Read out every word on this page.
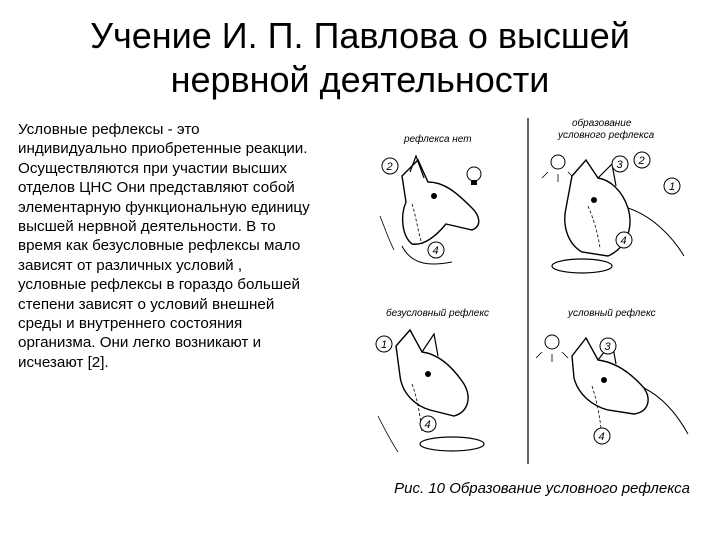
Учение И. П. Павлова о высшей
нервной деятельности
Условные рефлексы - это
индивидуально приобретенные реакции.
Осуществляются при участии высших
отделов ЦНС Они представляют собой
элементарную функциональную единицу
высшей нервной деятельности. В то
время как безусловные рефлексы мало
зависят от различных условий ,
условные рефлексы в гораздо большей
степени зависят о условий внешней
среды и внутреннего состояния
организма. Они легко возникают и
исчезают [2].
рефлекса нет
2
4
образование
условного рефлекса
3 2
1
4
безусловный рефлекс
1
4
условный рефлекс
3
4
Рис. 10 Образование условного рефлекса
